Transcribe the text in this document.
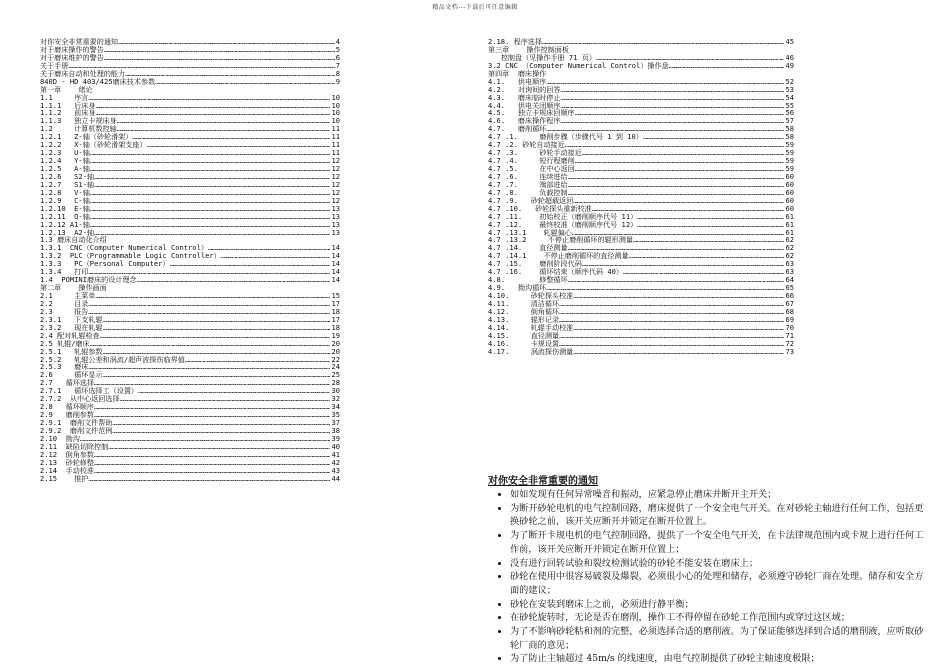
精品文档---下载后可任意编辑
对你安全非常重要的通知 …………………………………………………………………………………………………………………………………………………………………………………………………………………………………………	4
对于磨床操作的警告 …………………………………………………………………………………………………………………………………………………………………………………………………………………………………………	5
对于磨床维护的警告 …………………………………………………………………………………………………………………………………………………………………………………………………………………………………………	6
关于手册 …………………………………………………………………………………………………………………………………………………………………………………………………………………………………………	7
关于磨床自动和处理的能力 …………………………………………………………………………………………………………………………………………………………………………………………………………………………………………	8
840D - HD 403/425磨床技术参数 …………………………………………………………………………………………………………………………………………………………………………………………………………………………………………	9
第一章    绪论
1.1     序言 …………………………………………………………………………………………………………………………………………………………………………………………………………………………………………	10
1.1.1   后床身 …………………………………………………………………………………………………………………………………………………………………………………………………………………………………………	10
1.1.2   前床身 …………………………………………………………………………………………………………………………………………………………………………………………………………………………………………	10
1.1.3   独立卡规床身 …………………………………………………………………………………………………………………………………………………………………………………………………………………………………………	10
1.2     计算机数控轴 …………………………………………………………………………………………………………………………………………………………………………………………………………………………………………	11
1.2.1   Z-轴（砂轮滑架） …………………………………………………………………………………………………………………………………………………………………………………………………………………………………………	11
1.2.2   X-轴（砂轮滑架支座） …………………………………………………………………………………………………………………………………………………………………………………………………………………………………………	11
1.2.3   U-轴 …………………………………………………………………………………………………………………………………………………………………………………………………………………………………………	11
1.2.4   Y-轴 …………………………………………………………………………………………………………………………………………………………………………………………………………………………………………	12
1.2.5   A-轴 …………………………………………………………………………………………………………………………………………………………………………………………………………………………………………	12
1.2.6   S2-轴 …………………………………………………………………………………………………………………………………………………………………………………………………………………………………………	12
1.2.7   S1-轴 …………………………………………………………………………………………………………………………………………………………………………………………………………………………………………	12
1.2.8   V-轴 …………………………………………………………………………………………………………………………………………………………………………………………………………………………………………	12
1.2.9   C-轴 …………………………………………………………………………………………………………………………………………………………………………………………………………………………………………	12
1.2.10  E-轴 …………………………………………………………………………………………………………………………………………………………………………………………………………………………………………	13
1.2.11  Q-轴 …………………………………………………………………………………………………………………………………………………………………………………………………………………………………………	13
1.2.12 A1-轴 …………………………………………………………………………………………………………………………………………………………………………………………………………………………………………	13
1.2.13  A2-轴 …………………………………………………………………………………………………………………………………………………………………………………………………………………………………………	13
1.3 磨床自动化介绍
1.3.1  CNC（Computer Numerical Control） …………………………………………………………………………………………………………………………………………………………………………………………………………………………………………	14
1.3.2  PLC（Programmable Logic Controller） …………………………………………………………………………………………………………………………………………………………………………………………………………………………………………	14
1.3.3   PC（Personal Computer） …………………………………………………………………………………………………………………………………………………………………………………………………………………………………………	14
1.3.4   打印 …………………………………………………………………………………………………………………………………………………………………………………………………………………………………………	14
1.4  POMINI磨床的设计理念 …………………………………………………………………………………………………………………………………………………………………………………………………………………………………………	14
第二章    操作画面
2.1     主菜单 …………………………………………………………………………………………………………………………………………………………………………………………………………………………………………	15
2.2     目录 …………………………………………………………………………………………………………………………………………………………………………………………………………………………………………	17
2.3     报告 …………………………………………………………………………………………………………………………………………………………………………………………………………………………………………	18
2.3.1   下支轧辊 …………………………………………………………………………………………………………………………………………………………………………………………………………………………………………	17
2.3.2   现在轧辊 …………………………………………………………………………………………………………………………………………………………………………………………………………………………………………	18
2.4 配对轧辊检查 …………………………………………………………………………………………………………………………………………………………………………………………………………………………………………	19
2.5 轧辊/磨床 …………………………………………………………………………………………………………………………………………………………………………………………………………………………………………	20
2.5.1   轧辊参数 …………………………………………………………………………………………………………………………………………………………………………………………………………………………………………	20
2.5.2   轧辊公差和涡流/超声波探伤临界值 …………………………………………………………………………………………………………………………………………………………………………………………………………………………………………	22
2.5.3   磨床 …………………………………………………………………………………………………………………………………………………………………………………………………………………………………………	24
2.6     循环显示 …………………………………………………………………………………………………………………………………………………………………………………………………………………………………………	25
2.7   循环选择 …………………………………………………………………………………………………………………………………………………………………………………………………………………………………………	28
2.7.1   循环选择工（设置） …………………………………………………………………………………………………………………………………………………………………………………………………………………………………………	30
2.7.2  从中心返回选择 …………………………………………………………………………………………………………………………………………………………………………………………………………………………………………	32
2.8   循环顺序 …………………………………………………………………………………………………………………………………………………………………………………………………………………………………………	34
2.9   磨削参数 …………………………………………………………………………………………………………………………………………………………………………………………………………………………………………	35
2.9.1  磨削文件帮助 …………………………………………………………………………………………………………………………………………………………………………………………………………………………………………	37
2.9.2  磨削文件范例 …………………………………………………………………………………………………………………………………………………………………………………………………………………………………………	38
2.10  拗沟 …………………………………………………………………………………………………………………………………………………………………………………………………………………………………………	39
2.11  缺陷切除控制 …………………………………………………………………………………………………………………………………………………………………………………………………………………………………………	40
2.12  倒角参数 …………………………………………………………………………………………………………………………………………………………………………………………………………………………………………	41
2.13  砂轮修整 …………………………………………………………………………………………………………………………………………………………………………………………………………………………………………	42
2.14  手动校准 …………………………………………………………………………………………………………………………………………………………………………………………………………………………………………	43
2.15    推护 …………………………………………………………………………………………………………………………………………………………………………………………………………………………………………	44
2.18. 程序选择 …………………………………………………………………………………………………………………………………………………………………………………………………………………………………………	45
第三章    操作控制面板
控制盘（见操作手册 71 页） …………………………………………………………………………………………………………………………………………………………………………………………………………………………………………	46
3.2 CNC （Computer Numerical Control）操作盘 …………………………………………………………………………………………………………………………………………………………………………………………………………………………………………	49
第四章  磨床操作
4.1.   供电顺序 …………………………………………………………………………………………………………………………………………………………………………………………………………………………………………	52
4.2.   对询间的回答 …………………………………………………………………………………………………………………………………………………………………………………………………………………………………………	53
4.3.   磨床临时停止 …………………………………………………………………………………………………………………………………………………………………………………………………………………………………………	54
4.4.   供电关闭顺序 …………………………………………………………………………………………………………………………………………………………………………………………………………………………………………	55
4.5.   独立卡规床回顺序 …………………………………………………………………………………………………………………………………………………………………………………………………………………………………………	56
4.6.   磨床操作程序 …………………………………………………………………………………………………………………………………………………………………………………………………………………………………………	57
4.7.   磨削循环 …………………………………………………………………………………………………………………………………………………………………………………………………………………………………………	58
4.7 .1.     磨削步骤（步骤代号 1 到 10） …………………………………………………………………………………………………………………………………………………………………………………………………………………………………………	58
4.7 .2. 砂轮自动接近 …………………………………………………………………………………………………………………………………………………………………………………………………………………………………………	59
4.7 .3.     砂轮手动接近 …………………………………………………………………………………………………………………………………………………………………………………………………………………………………………	59
4.7 .4.     短行程磨削 …………………………………………………………………………………………………………………………………………………………………………………………………………………………………………	59
4.7 .5.     在中心返回 …………………………………………………………………………………………………………………………………………………………………………………………………………………………………………	59
4.7 .6.     连续进给 …………………………………………………………………………………………………………………………………………………………………………………………………………………………………………	60
4.7 .7.     端部进给 …………………………………………………………………………………………………………………………………………………………………………………………………………………………………………	60
4.7 .8.     负载控制 …………………………………………………………………………………………………………………………………………………………………………………………………………………………………………	60
4.7 .9.   砂轮超载返回 …………………………………………………………………………………………………………………………………………………………………………………………………………………………………………	60
4.7 .10.   砂轮探头重新校准 …………………………………………………………………………………………………………………………………………………………………………………………………………………………………………	60
4.7 .11.    初始校正（磨削顺序代号 11） …………………………………………………………………………………………………………………………………………………………………………………………………………………………………………	61
4.7 .12.    最终校准（磨削顺序代号 12） …………………………………………………………………………………………………………………………………………………………………………………………………………………………………………	61
4.7 .13.1    轧辊偏心 …………………………………………………………………………………………………………………………………………………………………………………………………………………………………………	61
4.7 .13.2     不停止磨削循环的辊形测量 …………………………………………………………………………………………………………………………………………………………………………………………………………………………………………	62
4.7 .14.    直径测量 …………………………………………………………………………………………………………………………………………………………………………………………………………………………………………	62
4.7 .14.1    不停止磨削循环的直径测量 …………………………………………………………………………………………………………………………………………………………………………………………………………………………………………	62
4.7 .15.    磨削阶段代码 …………………………………………………………………………………………………………………………………………………………………………………………………………………………………………	63
4.7 .16.    循环结束（顺序代码 40） …………………………………………………………………………………………………………………………………………………………………………………………………………………………………………	63
4.8.        修整循环 …………………………………………………………………………………………………………………………………………………………………………………………………………………………………………	64
4.9.   拗沟循环 …………………………………………………………………………………………………………………………………………………………………………………………………………………………………………	65
4.10.     砂轮探头校准 …………………………………………………………………………………………………………………………………………………………………………………………………………………………………………	66
4.11.     清洁循环 …………………………………………………………………………………………………………………………………………………………………………………………………………………………………………	67
4.12.     倒角循环 …………………………………………………………………………………………………………………………………………………………………………………………………………………………………………	68
4.13.     辊形记录 …………………………………………………………………………………………………………………………………………………………………………………………………………………………………………	69
4.14.     轧辊手动校准 …………………………………………………………………………………………………………………………………………………………………………………………………………………………………………	70
4.15.     直径测量 …………………………………………………………………………………………………………………………………………………………………………………………………………………………………………	71
4.16.     卡规设置 …………………………………………………………………………………………………………………………………………………………………………………………………………………………………………	72
4.17.     涡流探伤测量 …………………………………………………………………………………………………………………………………………………………………………………………………………………………………………	73
对你安全非常重要的通知
• 如如发现有任何异常噪音和振动，应紧急停止磨床并断开主开关；
• 为断开砂轮电机的电气控制回路，磨床提供了一个安全电气开关。在对砂轮主轴进行任何工作，包括更换砂轮之前，该开关应断开并锁定在断开位置上。
• 为了断开卡规电机的电气控制回路，提供了一个安全电气开关，在卡法律规范围内或卡规上进行任何工作前，该开关应断开并锁定在断开位置上；
• 没有进行回转试验和裂纹检测试验的砂轮不能安装在磨床上；
• 砂轮在使用中很容易破裂及爆裂，必须很小心的处理和储存，必须遵守砂轮厂商在处理、储存和安全方面的建议；
• 砂轮在安装到磨床上之前，必须进行静平衡；
• 在砂轮旋转时，无论是否在磨削，操作工不得停留在砂轮工作范围内或穿过这区域；
• 为了不影响砂轮粘和剂的完整，必须选择合适的磨削液。为了保证能够选择到合适的磨削液，应听取砂轮厂商的意见；
• 为了防止主轴超过 45m/s 的线速度，由电气控制提供了砂轮主轴速度极限；
